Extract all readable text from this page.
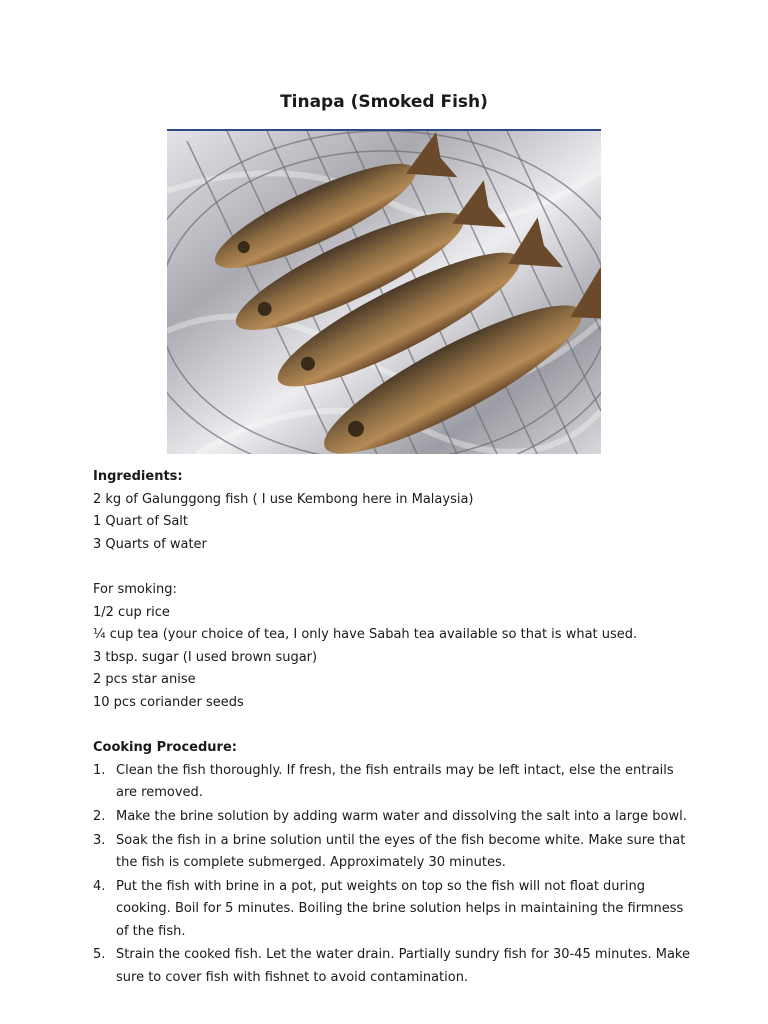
Tinapa (Smoked Fish)

Ingredients:

2 kg of Galunggong fish ( I use Kembong here in Malaysia)

1 Quart of Salt

3 Quarts of water

For smoking:

1/2 cup rice

¼ cup tea (your choice of tea, I only have Sabah tea available so that is what used.

3 tbsp. sugar (I used brown sugar)

2 pcs star anise

10 pcs coriander seeds

Cooking Procedure:

1. Clean the fish thoroughly. If fresh, the fish entrails may be left intact, else the entrails are removed.
2. Make the brine solution by adding warm water and dissolving the salt into a large bowl.
3. Soak the fish in a brine solution until the eyes of the fish become white. Make sure that the fish is complete submerged. Approximately 30 minutes.
4. Put the fish with brine in a pot, put weights on top so the fish will not float during cooking. Boil for 5 minutes. Boiling the brine solution helps in maintaining the firmness of the fish.
5. Strain the cooked fish. Let the water drain. Partially sundry fish for 30-45 minutes. Make sure to cover fish with fishnet to avoid contamination.
